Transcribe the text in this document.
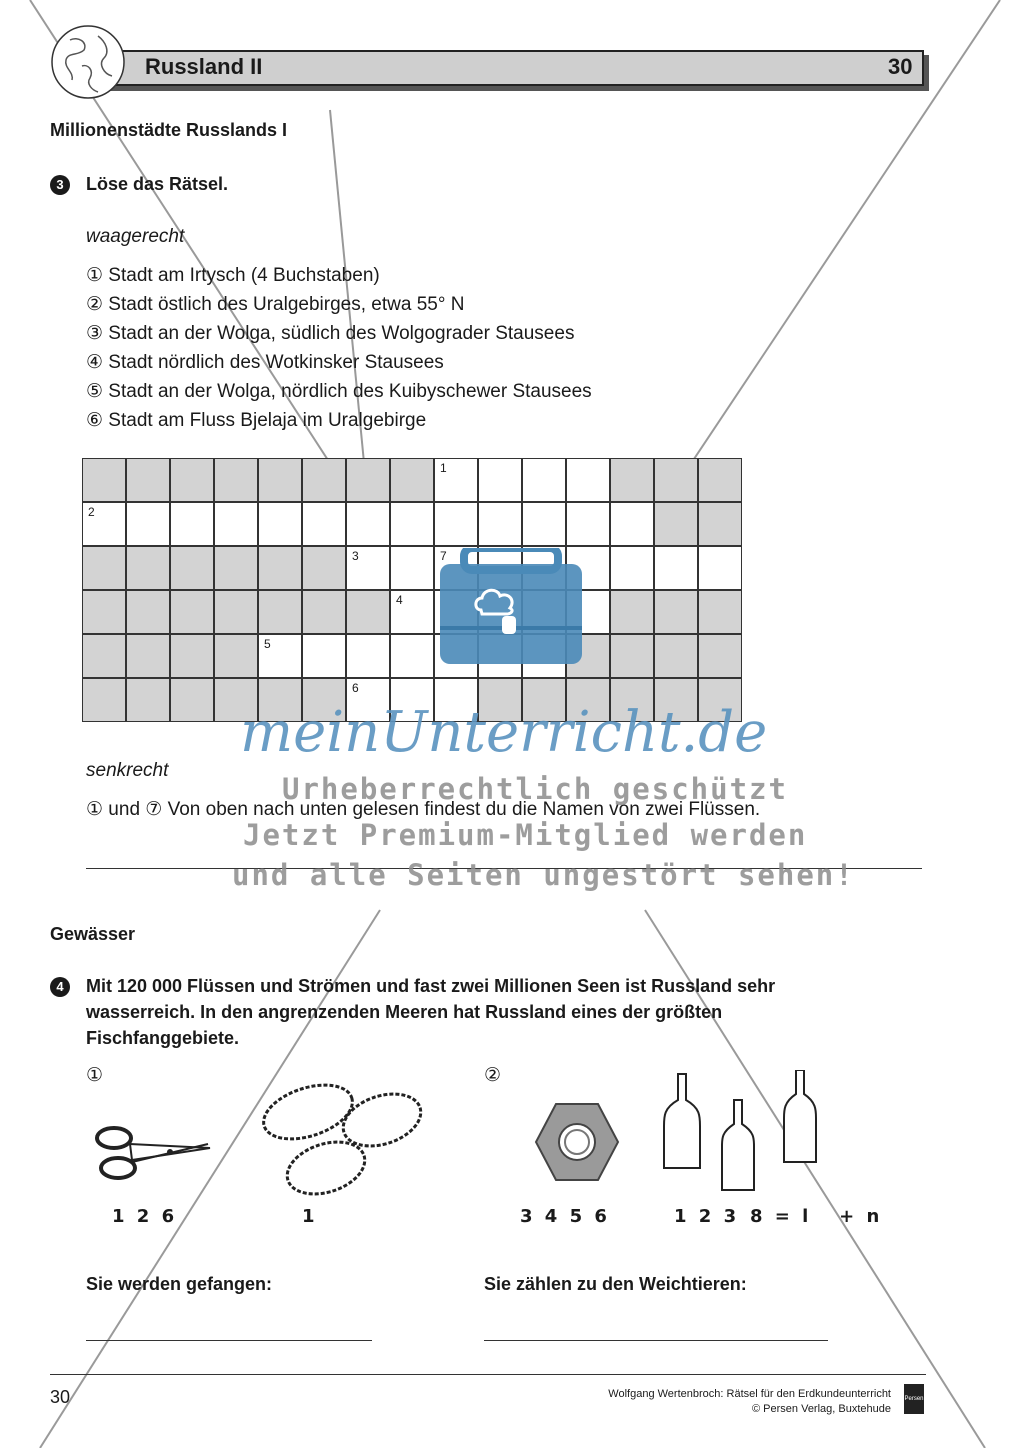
Russland II	30
Millionenstädte Russlands I
3	Löse das Rätsel.
waagerecht
① Stadt am Irtysch (4 Buchstaben)
② Stadt östlich des Uralgebirges, etwa 55° N
③ Stadt an der Wolga, südlich des Wolgograder Stausees
④ Stadt nördlich des Wotkinsker Stausees
⑤ Stadt an der Wolga, nördlich des Kuibyschewer Stausees
⑥ Stadt am Fluss Bjelaja im Uralgebirge
1
2
3	7
4
5
6
senkrecht
① und ⑦ Von oben nach unten gelesen findest du die Namen von zwei Flüssen.
meinUnterricht.de
Urheberrechtlich geschützt
Jetzt Premium-Mitglied werden
und alle Seiten ungestört sehen!
Gewässer
4	Mit 120 000 Flüssen und Strömen und fast zwei Millionen Seen ist Russland sehr
wasserreich. In den angrenzenden Meeren hat Russland eines der größten
Fischfanggebiete.
①
1 2 6	1
Sie werden gefangen:
②
3 4 5 6	1 2 3 8 = l   + n
Sie zählen zu den Weichtieren:
30	Wolfgang Wertenbroch: Rätsel für den Erdkundeunterricht
© Persen Verlag, Buxtehude
Persen
